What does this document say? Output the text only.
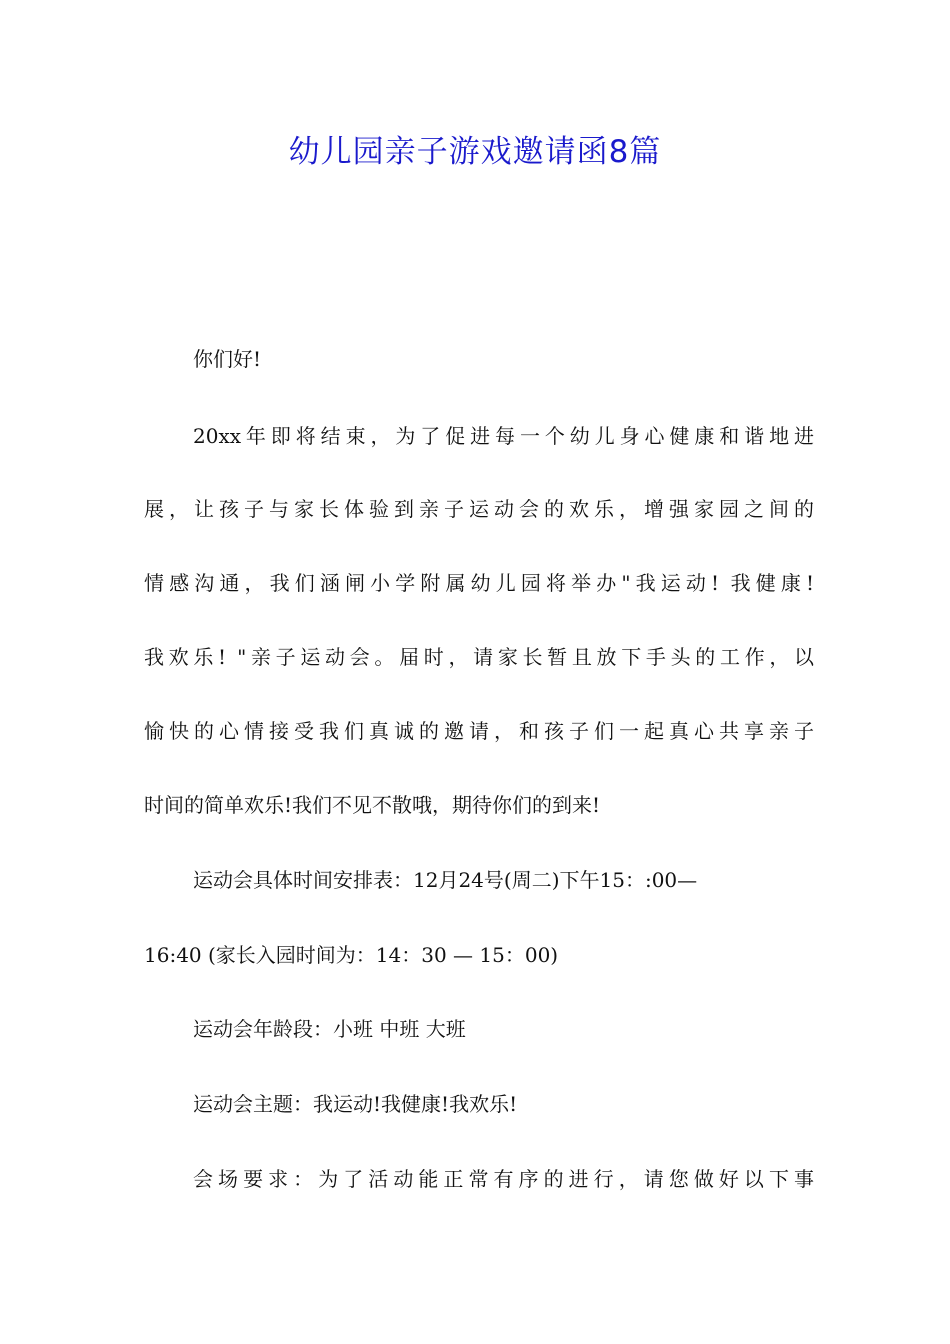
幼儿园亲子游戏邀请函8篇

你们好!

20xx年即将结束，为了促进每一个幼儿身心健康和谐地进

展，让孩子与家长体验到亲子运动会的欢乐，增强家园之间的

情感沟通，我们涵闸小学附属幼儿园将举办"我运动! 我健康!

我欢乐! "亲子运动会。届时，请家长暂且放下手头的工作，以

愉快的心情接受我们真诚的邀请，和孩子们一起真心共享亲子

时间的简单欢乐!我们不见不散哦，期待你们的到来!

运动会具体时间安排表：12月24号(周二)下午15：:00—

16:40 (家长入园时间为：14：30 — 15：00)

运动会年龄段：小班 中班 大班

运动会主题：我运动!我健康!我欢乐!

会场要求：为了活动能正常有序的进行，请您做好以下事
